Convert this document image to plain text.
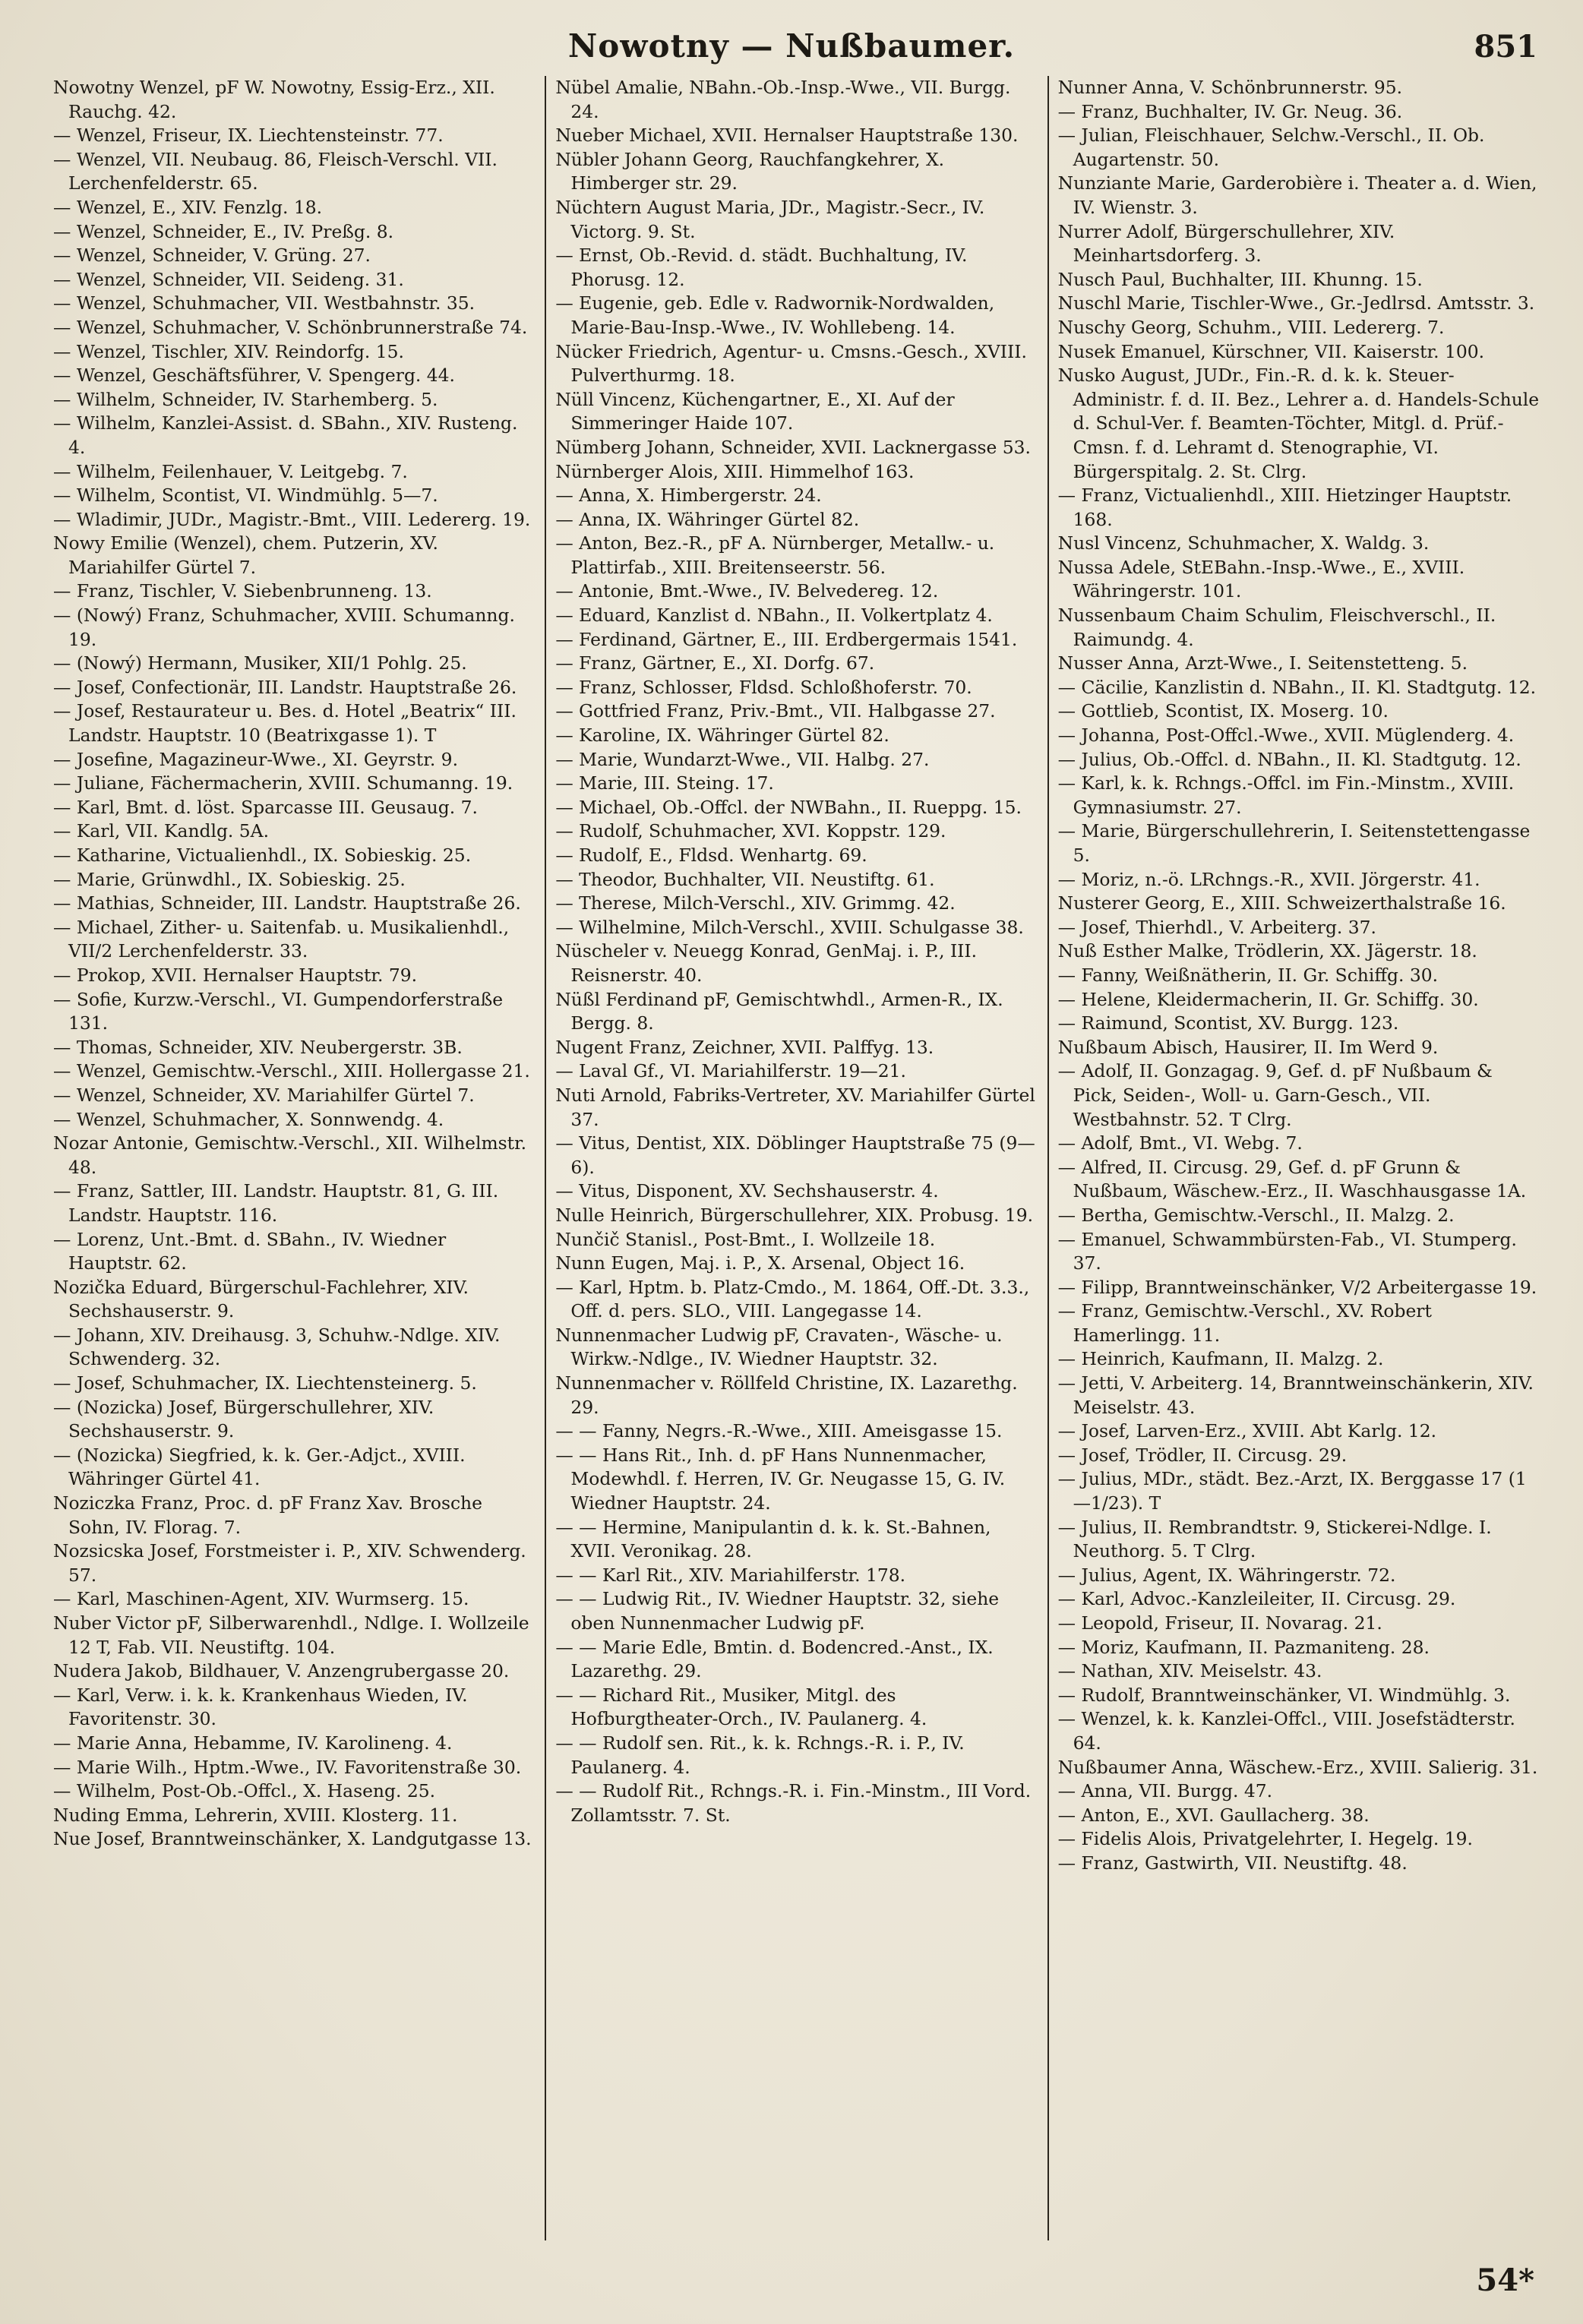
Nowotny — Nußbaumer.	851

Nowotny Wenzel, pF W. Nowotny, Essig-Erz., XII. Rauchg. 42.

— Wenzel, Friseur, IX. Liechtensteinstr. 77.

— Wenzel, VII. Neubaug. 86, Fleisch-Verschl. VII. Lerchenfelderstr. 65.

— Wenzel, E., XIV. Fenzlg. 18.

— Wenzel, Schneider, E., IV. Preßg. 8.

— Wenzel, Schneider, V. Grüng. 27.

— Wenzel, Schneider, VII. Seideng. 31.

— Wenzel, Schuhmacher, VII. Westbahnstr. 35.

— Wenzel, Schuhmacher, V. Schönbrunnerstraße 74.

— Wenzel, Tischler, XIV. Reindorfg. 15.

— Wenzel, Geschäftsführer, V. Spengerg. 44.

— Wilhelm, Schneider, IV. Starhemberg. 5.

— Wilhelm, Kanzlei-Assist. d. SBahn., XIV. Rusteng. 4.

— Wilhelm, Feilenhauer, V. Leitgebg. 7.

— Wilhelm, Scontist, VI. Windmühlg. 5—7.

— Wladimir, JUDr., Magistr.-Bmt., VIII. Ledererg. 19.

Nowy Emilie (Wenzel), chem. Putzerin, XV. Mariahilfer Gürtel 7.

— Franz, Tischler, V. Siebenbrunneng. 13.

— (Nowý) Franz, Schuhmacher, XVIII. Schumanng. 19.

— (Nowý) Hermann, Musiker, XII/1 Pohlg. 25.

— Josef, Confectionär, III. Landstr. Hauptstraße 26.

— Josef, Restaurateur u. Bes. d. Hotel „Beatrix“ III. Landstr. Hauptstr. 10 (Beatrixgasse 1). T

— Josefine, Magazineur-Wwe., XI. Geyrstr. 9.

— Juliane, Fächermacherin, XVIII. Schumanng. 19.

— Karl, Bmt. d. löst. Sparcasse III. Geusaug. 7.

— Karl, VII. Kandlg. 5A.

— Katharine, Victualienhdl., IX. Sobieskig. 25.

— Marie, Grünwdhl., IX. Sobieskig. 25.

— Mathias, Schneider, III. Landstr. Hauptstraße 26.

— Michael, Zither- u. Saitenfab. u. Musikalienhdl., VII/2 Lerchenfelderstr. 33.

— Prokop, XVII. Hernalser Hauptstr. 79.

— Sofie, Kurzw.-Verschl., VI. Gumpendorferstraße 131.

— Thomas, Schneider, XIV. Neubergerstr. 3B.

— Wenzel, Gemischtw.-Verschl., XIII. Hollergasse 21.

— Wenzel, Schneider, XV. Mariahilfer Gürtel 7.

— Wenzel, Schuhmacher, X. Sonnwendg. 4.

Nozar Antonie, Gemischtw.-Verschl., XII. Wilhelmstr. 48.

— Franz, Sattler, III. Landstr. Hauptstr. 81, G. III. Landstr. Hauptstr. 116.

— Lorenz, Unt.-Bmt. d. SBahn., IV. Wiedner Hauptstr. 62.

Nozička Eduard, Bürgerschul-Fachlehrer, XIV. Sechshauserstr. 9.

— Johann, XIV. Dreihausg. 3, Schuhw.-Ndlge. XIV. Schwenderg. 32.

— Josef, Schuhmacher, IX. Liechtensteinerg. 5.

— (Nozicka) Josef, Bürgerschullehrer, XIV. Sechshauserstr. 9.

— (Nozicka) Siegfried, k. k. Ger.-Adjct., XVIII. Währinger Gürtel 41.

Noziczka Franz, Proc. d. pF Franz Xav. Brosche Sohn, IV. Florag. 7.

Nozsicska Josef, Forstmeister i. P., XIV. Schwenderg. 57.

— Karl, Maschinen-Agent, XIV. Wurmserg. 15.

Nuber Victor pF, Silberwarenhdl., Ndlge. I. Wollzeile 12 T, Fab. VII. Neustiftg. 104.

Nudera Jakob, Bildhauer, V. Anzengrubergasse 20.

— Karl, Verw. i. k. k. Krankenhaus Wieden, IV. Favoritenstr. 30.

— Marie Anna, Hebamme, IV. Karolineng. 4.

— Marie Wilh., Hptm.-Wwe., IV. Favoritenstraße 30.

— Wilhelm, Post-Ob.-Offcl., X. Haseng. 25.

Nuding Emma, Lehrerin, XVIII. Klosterg. 11.

Nue Josef, Branntweinschänker, X. Landgutgasse 13.

Nübel Amalie, NBahn.-Ob.-Insp.-Wwe., VII. Burgg. 24.

Nueber Michael, XVII. Hernalser Hauptstraße 130.

Nübler Johann Georg, Rauchfangkehrer, X. Himberger str. 29.

Nüchtern August Maria, JDr., Magistr.-Secr., IV. Victorg. 9. St.

— Ernst, Ob.-Revid. d. städt. Buchhaltung, IV. Phorusg. 12.

— Eugenie, geb. Edle v. Radwornik-Nordwalden, Marie-Bau-Insp.-Wwe., IV. Wohllebeng. 14.

Nücker Friedrich, Agentur- u. Cmsns.-Gesch., XVIII. Pulverthurmg. 18.

Nüll Vincenz, Küchengartner, E., XI. Auf der Simmeringer Haide 107.

Nümberg Johann, Schneider, XVII. Lacknergasse 53.

Nürnberger Alois, XIII. Himmelhof 163.

— Anna, X. Himbergerstr. 24.

— Anna, IX. Währinger Gürtel 82.

— Anton, Bez.-R., pF A. Nürnberger, Metallw.- u. Plattirfab., XIII. Breitenseerstr. 56.

— Antonie, Bmt.-Wwe., IV. Belvedereg. 12.

— Eduard, Kanzlist d. NBahn., II. Volkertplatz 4.

— Ferdinand, Gärtner, E., III. Erdbergermais 1541.

— Franz, Gärtner, E., XI. Dorfg. 67.

— Franz, Schlosser, Fldsd. Schloßhoferstr. 70.

— Gottfried Franz, Priv.-Bmt., VII. Halbgasse 27.

— Karoline, IX. Währinger Gürtel 82.

— Marie, Wundarzt-Wwe., VII. Halbg. 27.

— Marie, III. Steing. 17.

— Michael, Ob.-Offcl. der NWBahn., II. Rueppg. 15.

— Rudolf, Schuhmacher, XVI. Koppstr. 129.

— Rudolf, E., Fldsd. Wenhartg. 69.

— Theodor, Buchhalter, VII. Neustiftg. 61.

— Therese, Milch-Verschl., XIV. Grimmg. 42.

— Wilhelmine, Milch-Verschl., XVIII. Schulgasse 38.

Nüscheler v. Neuegg Konrad, GenMaj. i. P., III. Reisnerstr. 40.

Nüßl Ferdinand pF, Gemischtwhdl., Armen-R., IX. Bergg. 8.

Nugent Franz, Zeichner, XVII. Palffyg. 13.

— Laval Gf., VI. Mariahilferstr. 19—21.

Nuti Arnold, Fabriks-Vertreter, XV. Mariahilfer Gürtel 37.

— Vitus, Dentist, XIX. Döblinger Hauptstraße 75 (9—6).

— Vitus, Disponent, XV. Sechshauserstr. 4.

Nulle Heinrich, Bürgerschullehrer, XIX. Probusg. 19.

Nunčič Stanisl., Post-Bmt., I. Wollzeile 18.

Nunn Eugen, Maj. i. P., X. Arsenal, Object 16.

— Karl, Hptm. b. Platz-Cmdo., M. 1864, Off.-Dt. 3.3., Off. d. pers. SLO., VIII. Langegasse 14.

Nunnenmacher Ludwig pF, Cravaten-, Wäsche- u. Wirkw.-Ndlge., IV. Wiedner Hauptstr. 32.

Nunnenmacher v. Röllfeld Christine, IX. Lazarethg. 29.

— — Fanny, Negrs.-R.-Wwe., XIII. Ameisgasse 15.

— — Hans Rit., Inh. d. pF Hans Nunnenmacher, Modewhdl. f. Herren, IV. Gr. Neugasse 15, G. IV. Wiedner Hauptstr. 24.

— — Hermine, Manipulantin d. k. k. St.-Bahnen, XVII. Veronikag. 28.

— — Karl Rit., XIV. Mariahilferstr. 178.

— — Ludwig Rit., IV. Wiedner Hauptstr. 32, siehe oben Nunnenmacher Ludwig pF.

— — Marie Edle, Bmtin. d. Bodencred.-Anst., IX. Lazarethg. 29.

— — Richard Rit., Musiker, Mitgl. des Hofburgtheater-Orch., IV. Paulanerg. 4.

— — Rudolf sen. Rit., k. k. Rchngs.-R. i. P., IV. Paulanerg. 4.

— — Rudolf Rit., Rchngs.-R. i. Fin.-Minstm., III Vord. Zollamtsstr. 7. St.

Nunner Anna, V. Schönbrunnerstr. 95.

— Franz, Buchhalter, IV. Gr. Neug. 36.

— Julian, Fleischhauer, Selchw.-Verschl., II. Ob. Augartenstr. 50.

Nunziante Marie, Garderobière i. Theater a. d. Wien, IV. Wienstr. 3.

Nurrer Adolf, Bürgerschullehrer, XIV. Meinhartsdorferg. 3.

Nusch Paul, Buchhalter, III. Khunng. 15.

Nuschl Marie, Tischler-Wwe., Gr.-Jedlrsd. Amtsstr. 3.

Nuschy Georg, Schuhm., VIII. Ledererg. 7.

Nusek Emanuel, Kürschner, VII. Kaiserstr. 100.

Nusko August, JUDr., Fin.-R. d. k. k. Steuer-Administr. f. d. II. Bez., Lehrer a. d. Handels-Schule d. Schul-Ver. f. Beamten-Töchter, Mitgl. d. Prüf.-Cmsn. f. d. Lehramt d. Stenographie, VI. Bürgerspitalg. 2. St. Clrg.

— Franz, Victualienhdl., XIII. Hietzinger Hauptstr. 168.

Nusl Vincenz, Schuhmacher, X. Waldg. 3.

Nussa Adele, StEBahn.-Insp.-Wwe., E., XVIII. Währingerstr. 101.

Nussenbaum Chaim Schulim, Fleischverschl., II. Raimundg. 4.

Nusser Anna, Arzt-Wwe., I. Seitenstetteng. 5.

— Cäcilie, Kanzlistin d. NBahn., II. Kl. Stadtgutg. 12.

— Gottlieb, Scontist, IX. Moserg. 10.

— Johanna, Post-Offcl.-Wwe., XVII. Müglenderg. 4.

— Julius, Ob.-Offcl. d. NBahn., II. Kl. Stadtgutg. 12.

— Karl, k. k. Rchngs.-Offcl. im Fin.-Minstm., XVIII. Gymnasiumstr. 27.

— Marie, Bürgerschullehrerin, I. Seitenstettengasse 5.

— Moriz, n.-ö. LRchngs.-R., XVII. Jörgerstr. 41.

Nusterer Georg, E., XIII. Schweizerthalstraße 16.

— Josef, Thierhdl., V. Arbeiterg. 37.

Nuß Esther Malke, Trödlerin, XX. Jägerstr. 18.

— Fanny, Weißnätherin, II. Gr. Schiffg. 30.

— Helene, Kleidermacherin, II. Gr. Schiffg. 30.

— Raimund, Scontist, XV. Burgg. 123.

Nußbaum Abisch, Hausirer, II. Im Werd 9.

— Adolf, II. Gonzagag. 9, Gef. d. pF Nußbaum & Pick, Seiden-, Woll- u. Garn-Gesch., VII. Westbahnstr. 52. T Clrg.

— Adolf, Bmt., VI. Webg. 7.

— Alfred, II. Circusg. 29, Gef. d. pF Grunn & Nußbaum, Wäschew.-Erz., II. Waschhausgasse 1A.

— Bertha, Gemischtw.-Verschl., II. Malzg. 2.

— Emanuel, Schwammbürsten-Fab., VI. Stumperg. 37.

— Filipp, Branntweinschänker, V/2 Arbeitergasse 19.

— Franz, Gemischtw.-Verschl., XV. Robert Hamerlingg. 11.

— Heinrich, Kaufmann, II. Malzg. 2.

— Jetti, V. Arbeiterg. 14, Branntweinschänkerin, XIV. Meiselstr. 43.

— Josef, Larven-Erz., XVIII. Abt Karlg. 12.

— Josef, Trödler, II. Circusg. 29.

— Julius, MDr., städt. Bez.-Arzt, IX. Berggasse 17 (1—1/23). T

— Julius, II. Rembrandtstr. 9, Stickerei-Ndlge. I. Neuthorg. 5. T Clrg.

— Julius, Agent, IX. Währingerstr. 72.

— Karl, Advoc.-Kanzleileiter, II. Circusg. 29.

— Leopold, Friseur, II. Novarag. 21.

— Moriz, Kaufmann, II. Pazmaniteng. 28.

— Nathan, XIV. Meiselstr. 43.

— Rudolf, Branntweinschänker, VI. Windmühlg. 3.

— Wenzel, k. k. Kanzlei-Offcl., VIII. Josefstädterstr. 64.

Nußbaumer Anna, Wäschew.-Erz., XVIII. Salierig. 31.

— Anna, VII. Burgg. 47.

— Anton, E., XVI. Gaullacherg. 38.

— Fidelis Alois, Privatgelehrter, I. Hegelg. 19.

— Franz, Gastwirth, VII. Neustiftg. 48.

54*
